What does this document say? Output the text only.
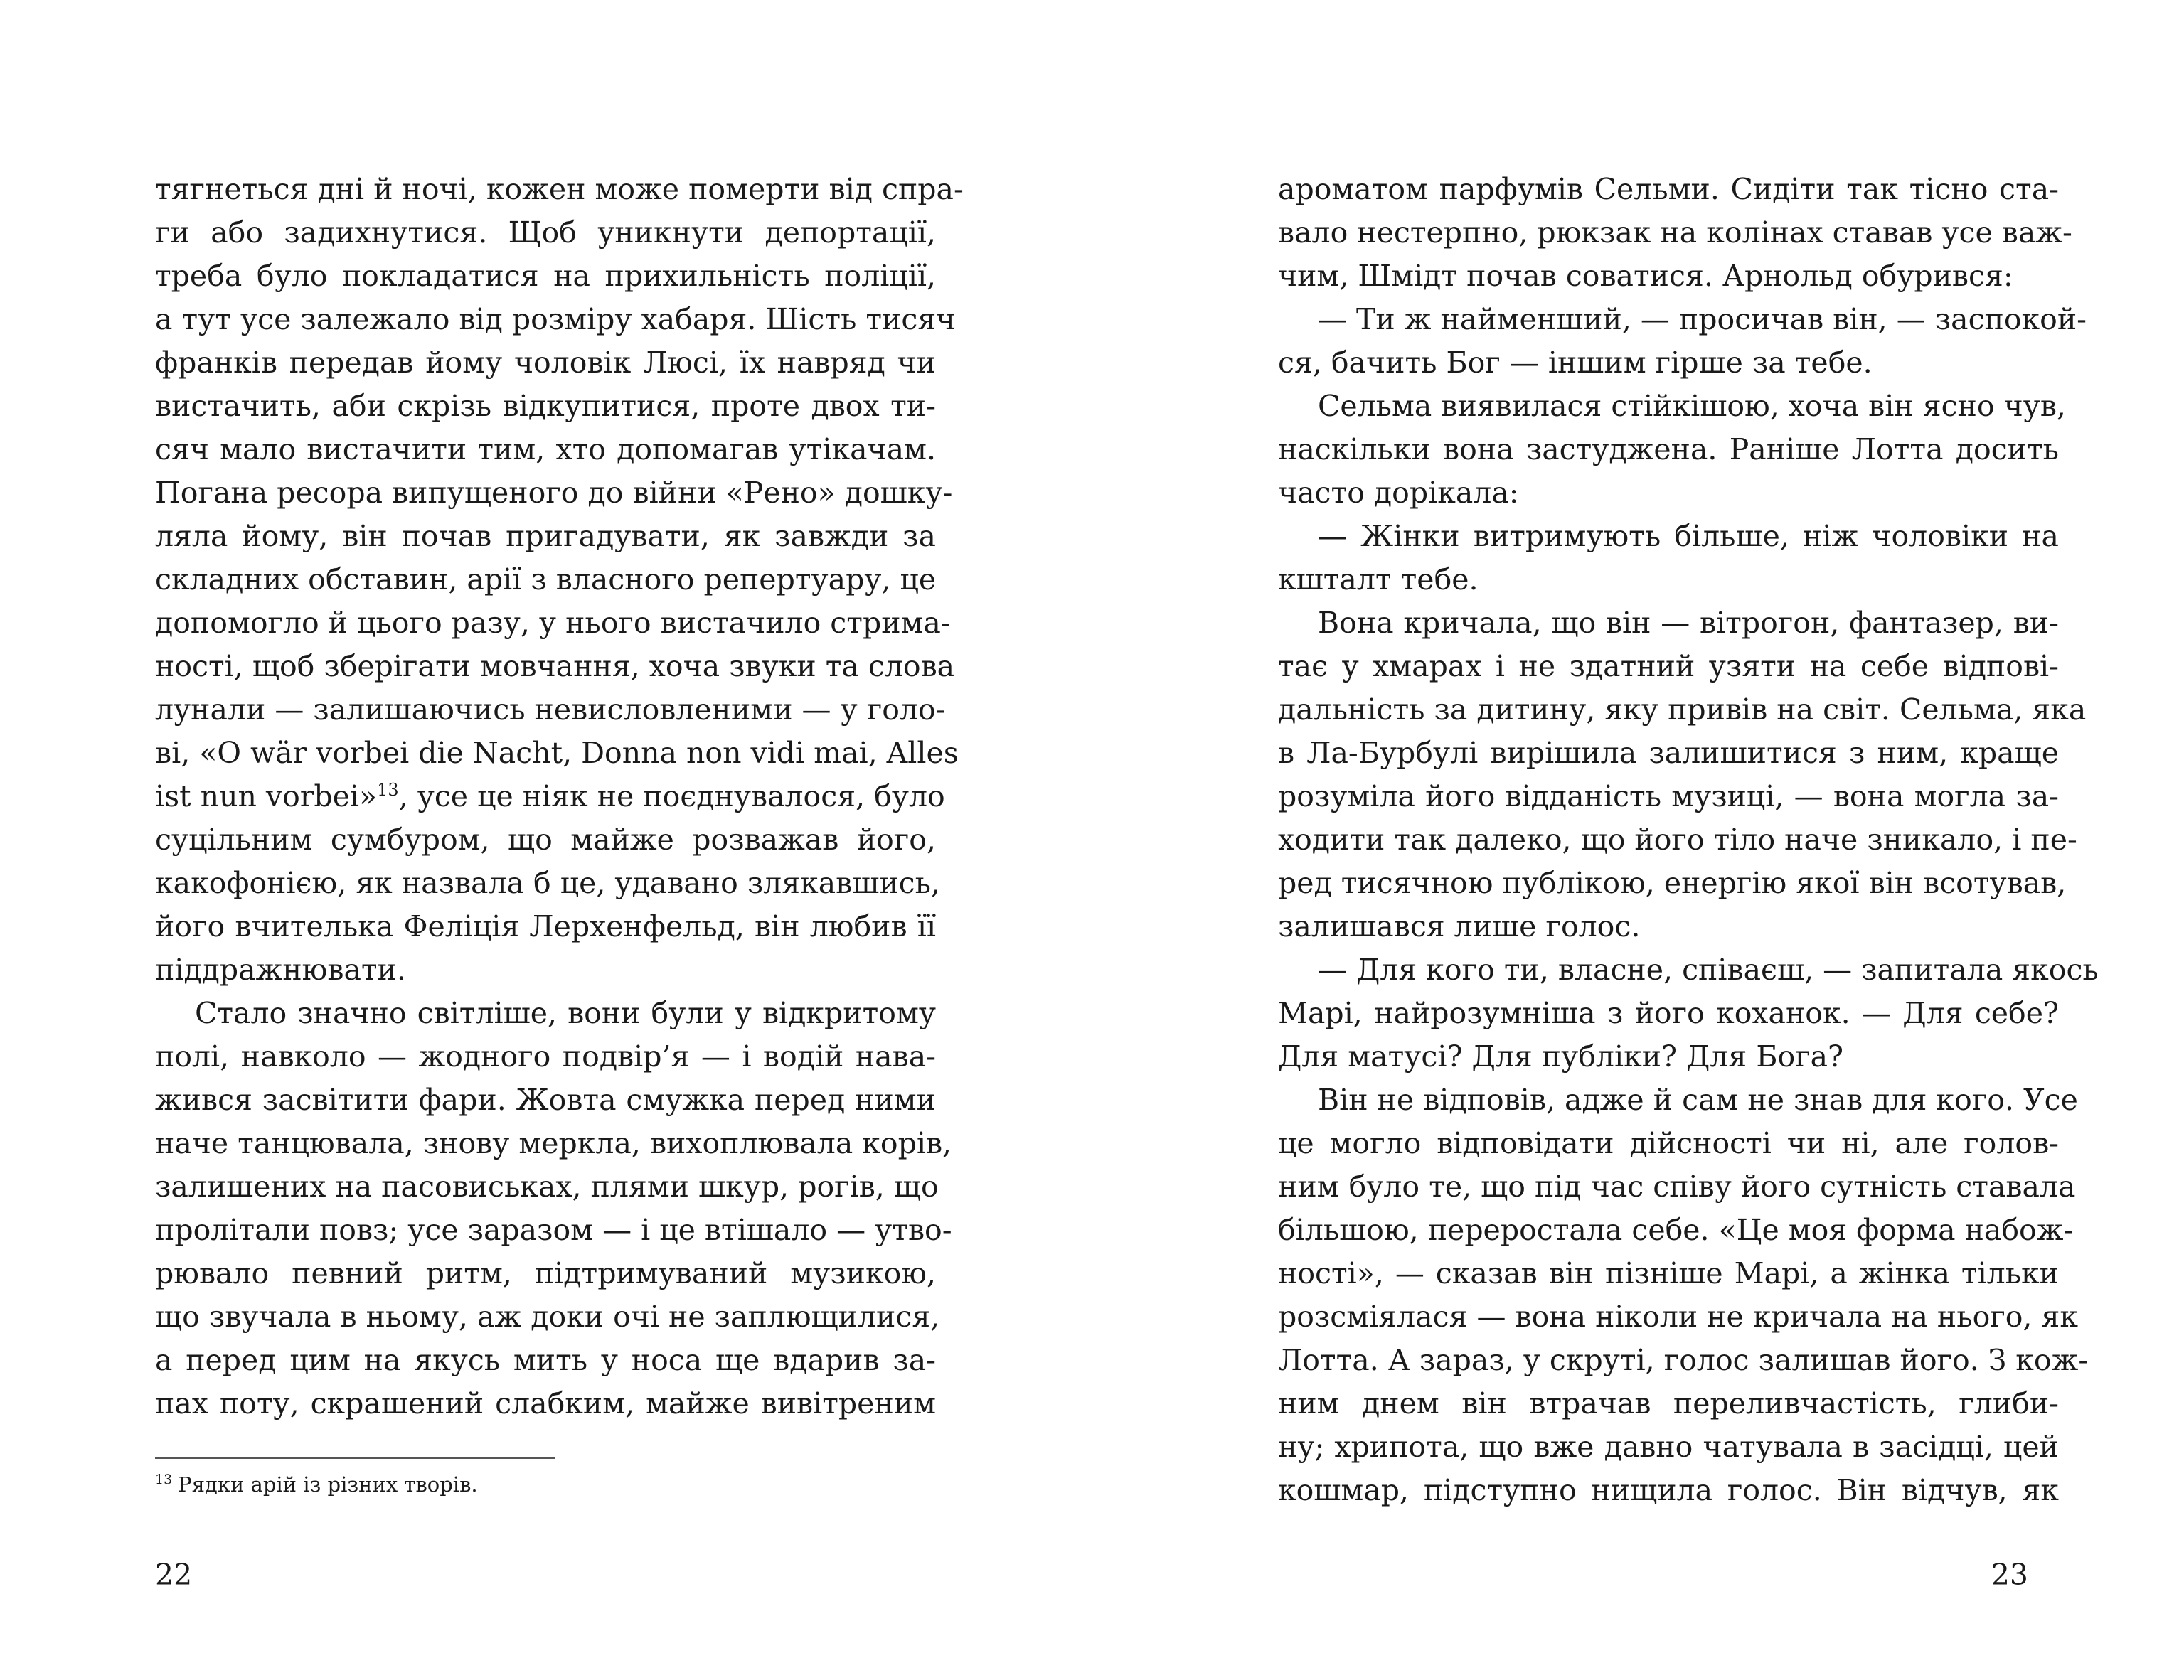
тягнеться дні й ночі, кожен може померти від спра-
ги або задихнутися. Щоб уникнути депортації,
треба було покладатися на прихильність поліції,
а тут усе залежало від розміру хабаря. Шість тисяч
франків передав йому чоловік Люсі, їх навряд чи
вистачить, аби скрізь відкупитися, проте двох ти-
сяч мало вистачити тим, хто допомагав утікачам.
Погана ресора випущеного до війни «Рено» дошку-
ляла йому, він почав пригадувати, як завжди за
складних обставин, арії з власного репертуару, це
допомогло й цього разу, у нього вистачило стрима-
ності, щоб зберігати мовчання, хоча звуки та слова
лунали — залишаючись невисловленими — у голо-
ві, «O wär vorbei die Nacht, Donna non vidi mai, Alles
ist nun vorbei»$^{13}$, усе це ніяк не поєднувалося, було
суцільним сумбуром, що майже розважав його,
какофонією, як назвала б це, удавано злякавшись,
його вчителька Феліція Лерхенфельд, він любив її
піддражнювати.
Стало значно світліше, вони були у відкритому
полі, навколо — жодного подвір’я — і водій нава-
жився засвітити фари. Жовта смужка перед ними
наче танцювала, знову меркла, вихоплювала корів,
залишених на пасовиськах, плями шкур, рогів, що
пролітали повз; усе заразом — і це втішало — утво-
рювало певний ритм, підтримуваний музикою,
що звучала в ньому, аж доки очі не заплющилися,
а перед цим на якусь мить у носа ще вдарив за-
пах поту, скрашений слабким, майже вивітреним
$^{13}$ Рядки арій із різних творів.
22
ароматом парфумів Сельми. Сидіти так тісно ста-
вало нестерпно, рюкзак на колінах ставав усе важ-
чим, Шмідт почав соватися. Арнольд обурився:
— Ти ж найменший, — просичав він, — заспокой-
ся, бачить Бог — іншим гірше за тебе.
Сельма виявилася стійкішою, хоча він ясно чув,
наскільки вона застуджена. Раніше Лотта досить
часто дорікала:
— Жінки витримують більше, ніж чоловіки на
кшталт тебе.
Вона кричала, що він — вітрогон, фантазер, ви-
тає у хмарах і не здатний узяти на себе відпові-
дальність за дитину, яку привів на світ. Сельма, яка
в Ла-Бурбулі вирішила залишитися з ним, краще
розуміла його відданість музиці, — вона могла за-
ходити так далеко, що його тіло наче зникало, і пе-
ред тисячною публікою, енергію якої він всотував,
залишався лише голос.
— Для кого ти, власне, співаєш, — запитала якось
Марі, найрозумніша з його коханок. — Для себе?
Для матусі? Для публіки? Для Бога?
Він не відповів, адже й сам не знав для кого. Усе
це могло відповідати дійсності чи ні, але голов-
ним було те, що під час співу його сутність ставала
більшою, переростала себе. «Це моя форма набож-
ності», — сказав він пізніше Марі, а жінка тільки
розсміялася — вона ніколи не кричала на нього, як
Лотта. А зараз, у скруті, голос залишав його. З кож-
ним днем він втрачав переливчастість, глиби-
ну; хрипота, що вже давно чатувала в засідці, цей
кошмар, підступно нищила голос. Він відчув, як
23
